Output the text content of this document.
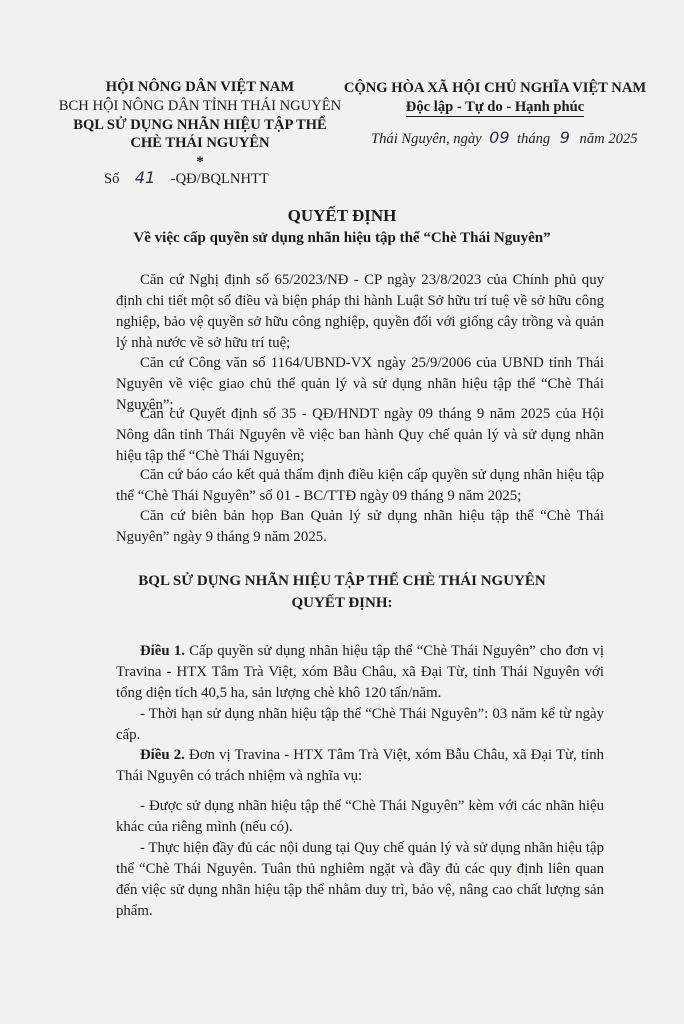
HỘI NÔNG DÂN VIỆT NAM
BCH HỘI NÔNG DÂN TỈNH THÁI NGUYÊN
BQL SỬ DỤNG NHÃN HIỆU TẬP THỂ
CHÈ THÁI NGUYÊN
*
Số 41 -QĐ/BQLNHTT
CỘNG HÒA XÃ HỘI CHỦ NGHĨA VIỆT NAM
Độc lập - Tự do - Hạnh phúc
Thái Nguyên, ngày 09 tháng 9 năm 2025
QUYẾT ĐỊNH
Về việc cấp quyền sử dụng nhãn hiệu tập thể “Chè Thái Nguyên”
Căn cứ Nghị định số 65/2023/NĐ - CP ngày 23/8/2023 của Chính phủ quy định chi tiết một số điều và biện pháp thi hành Luật Sở hữu trí tuệ về sở hữu công nghiệp, bảo vệ quyền sở hữu công nghiệp, quyền đối với giống cây trồng và quản lý nhà nước về sở hữu trí tuệ;
Căn cứ Công văn số 1164/UBND-VX ngày 25/9/2006 của UBND tỉnh Thái Nguyên về việc giao chủ thể quản lý và sử dụng nhãn hiệu tập thể “Chè Thái Nguyên”;
Căn cứ Quyết định số 35 - QĐ/HNDT ngày 09 tháng 9 năm 2025 của Hội Nông dân tỉnh Thái Nguyên về việc ban hành Quy chế quản lý và sử dụng nhãn hiệu tập thể “Chè Thái Nguyên;
Căn cứ báo cáo kết quả thẩm định điều kiện cấp quyền sử dụng nhãn hiệu tập thể “Chè Thái Nguyên” số 01 - BC/TTĐ ngày 09 tháng 9 năm 2025;
Căn cứ biên bản họp Ban Quản lý sử dụng nhãn hiệu tập thể “Chè Thái Nguyên” ngày 9 tháng 9 năm 2025.
BQL SỬ DỤNG NHÃN HIỆU TẬP THỂ CHÈ THÁI NGUYÊN
QUYẾT ĐỊNH:
Điều 1. Cấp quyền sử dụng nhãn hiệu tập thể “Chè Thái Nguyên” cho đơn vị Travina - HTX Tâm Trà Việt, xóm Bẫu Châu, xã Đại Từ, tỉnh Thái Nguyên với tổng diện tích 40,5 ha, sản lượng chè khô 120 tấn/năm.
- Thời hạn sử dụng nhãn hiệu tập thể “Chè Thái Nguyên”: 03 năm kể từ ngày cấp.
Điều 2. Đơn vị Travina - HTX Tâm Trà Việt, xóm Bẫu Châu, xã Đại Từ, tỉnh Thái Nguyên có trách nhiệm và nghĩa vụ:
- Được sử dụng nhãn hiệu tập thể “Chè Thái Nguyên” kèm với các nhãn hiệu khác của riêng mình (nếu có).
- Thực hiện đầy đủ các nội dung tại Quy chế quản lý và sử dụng nhãn hiệu tập thể “Chè Thái Nguyên. Tuân thủ nghiêm ngặt và đầy đủ các quy định liên quan đến việc sử dụng nhãn hiệu tập thể nhằm duy trì, bảo vệ, nâng cao chất lượng sản phẩm.
